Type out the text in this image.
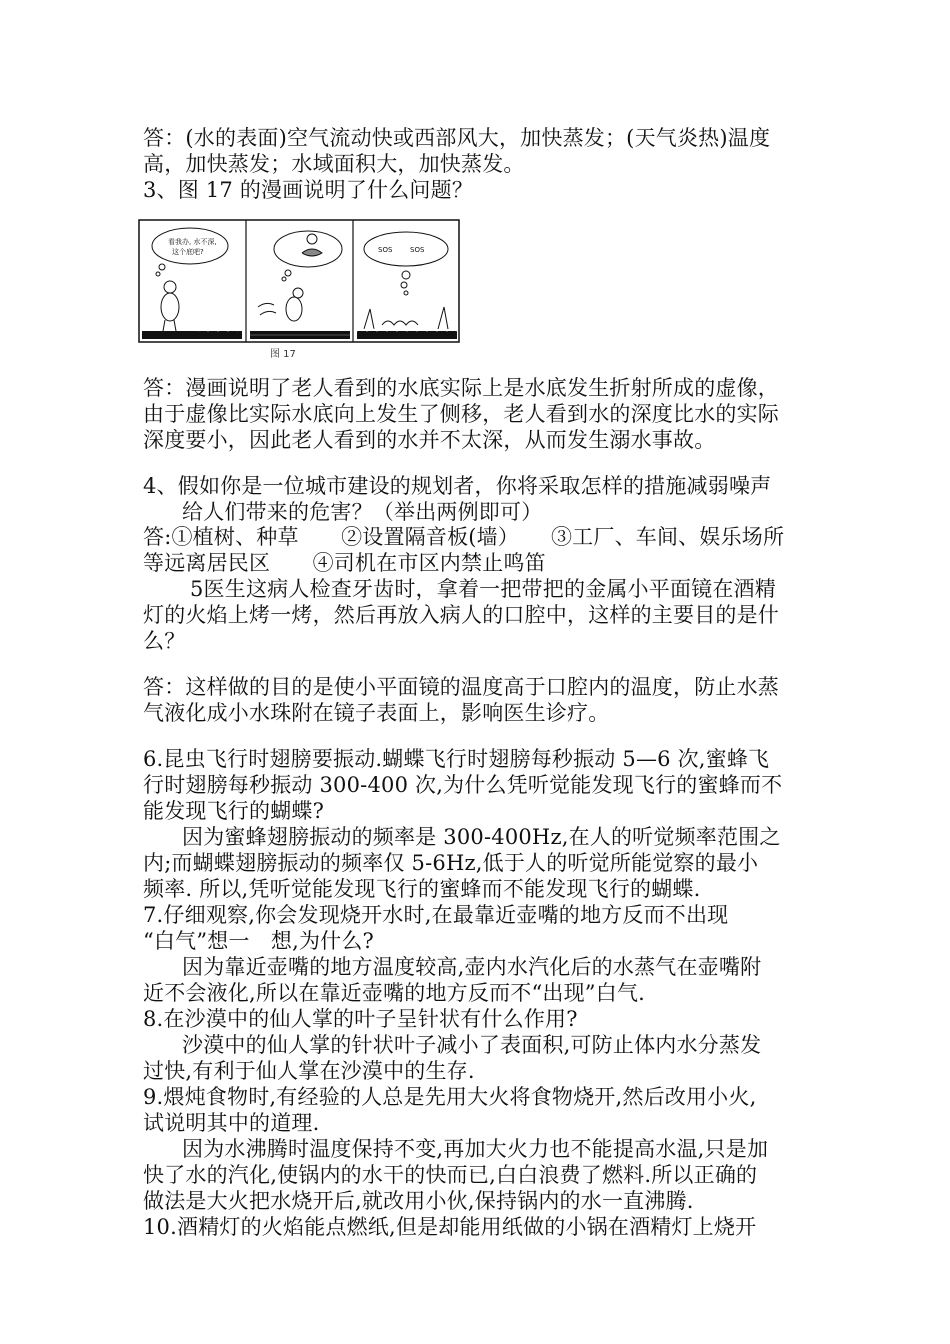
答：(水的表面)空气流动快或西部风大，加快蒸发；(天气炎热)温度
高，加快蒸发；水域面积大，加快蒸发。
3、图 17 的漫画说明了什么问题？
看我办, 水不深,
这个底吧?	SOS	SOS
图 17
答：漫画说明了老人看到的水底实际上是水底发生折射所成的虚像，
由于虚像比实际水底向上发生了侧移，老人看到水的深度比水的实际
深度要小，因此老人看到的水并不太深，从而发生溺水事故。
4、假如你是一位城市建设的规划者，你将采取怎样的措施减弱噪声
给人们带来的危害？（举出两例即可）
答:①植树、种草　　②设置隔音板(墙）　　③工厂、车间、娱乐场所
等远离居民区　　④司机在市区内禁止鸣笛
5医生这病人检查牙齿时，拿着一把带把的金属小平面镜在酒精
灯的火焰上烤一烤，然后再放入病人的口腔中，这样的主要目的是什
么？
答：这样做的目的是使小平面镜的温度高于口腔内的温度，防止水蒸
气液化成小水珠附在镜子表面上，影响医生诊疗。
6.昆虫飞行时翅膀要振动.蝴蝶飞行时翅膀每秒振动 5—6 次,蜜蜂飞
行时翅膀每秒振动 300-400 次,为什么凭听觉能发现飞行的蜜蜂而不
能发现飞行的蝴蝶?
因为蜜蜂翅膀振动的频率是 300-400Hz,在人的听觉频率范围之
内;而蝴蝶翅膀振动的频率仅 5-6Hz,低于人的听觉所能觉察的最小
频率. 所以,凭听觉能发现飞行的蜜蜂而不能发现飞行的蝴蝶.
7.仔细观察,你会发现烧开水时,在最靠近壶嘴的地方反而不出现
“白气”想一　想,为什么?
因为靠近壶嘴的地方温度较高,壶内水汽化后的水蒸气在壶嘴附
近不会液化,所以在靠近壶嘴的地方反而不“出现”白气.
8.在沙漠中的仙人掌的叶子呈针状有什么作用?
沙漠中的仙人掌的针状叶子减小了表面积,可防止体内水分蒸发
过快,有利于仙人掌在沙漠中的生存.
9.煨炖食物时,有经验的人总是先用大火将食物烧开,然后改用小火,
试说明其中的道理.
因为水沸腾时温度保持不变,再加大火力也不能提高水温,只是加
快了水的汽化,使锅内的水干的快而已,白白浪费了燃料.所以正确的
做法是大火把水烧开后,就改用小伙,保持锅内的水一直沸腾.
10.酒精灯的火焰能点燃纸,但是却能用纸做的小锅在酒精灯上烧开
